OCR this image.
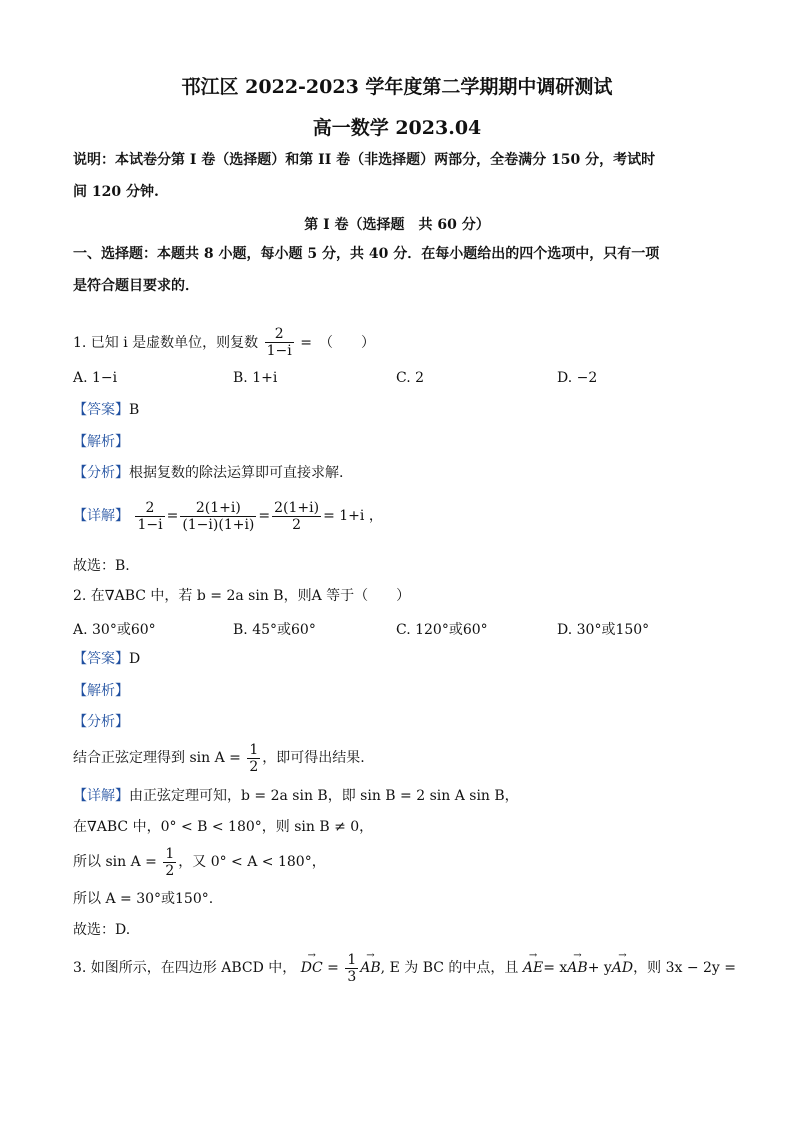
邗江区 2022-2023 学年度第二学期期中调研测试
高一数学 2023.04
说明：本试卷分第 I 卷（选择题）和第 II 卷（非选择题）两部分，全卷满分 150 分，考试时
间 120 分钟.
第 I 卷（选择题　共 60 分）
一、选择题：本题共 8 小题，每小题 5 分，共 40 分．在每小题给出的四个选项中，只有一项
是符合题目要求的．
1. 已知 i 是虚数单位，则复数 $\frac{2}{1-i}$ =　（　　）
A. 1−i	B. 1+i	C. 2	D. −2
【答案】B
【解析】
【分析】根据复数的除法运算即可直接求解.
【详解】 $\frac{2}{1-i} = \frac{2(1+i)}{(1-i)(1+i)} = \frac{2(1+i)}{2} = 1+i$ ，
故选：B.
2. 在∇ABC 中，若 b = 2a sin B，则A 等于（　　）
A. 30°或60°	B. 45°或60°	C. 120°或60°	D. 30°或150°
【答案】D
【解析】
【分析】
结合正弦定理得到 $\sin A = \frac{1}{2}$ ，即可得出结果.
【详解】由正弦定理可知，b = 2a sin B，即 sin B = 2 sin A sin B，
在∇ABC 中，0° < B < 180°，则 sin B ≠ 0，
所以 $\sin A = \frac{1}{2}$ ，又 0° < A < 180°，
所以 A = 30°或150°.
故选：D.
3. 如图所示，在四边形 ABCD 中， → DC = $\frac{1}{3}$ → AB, E 为 BC 的中点，且 → AE= x→ AB+ y→ AD，则 3x − 2y =
